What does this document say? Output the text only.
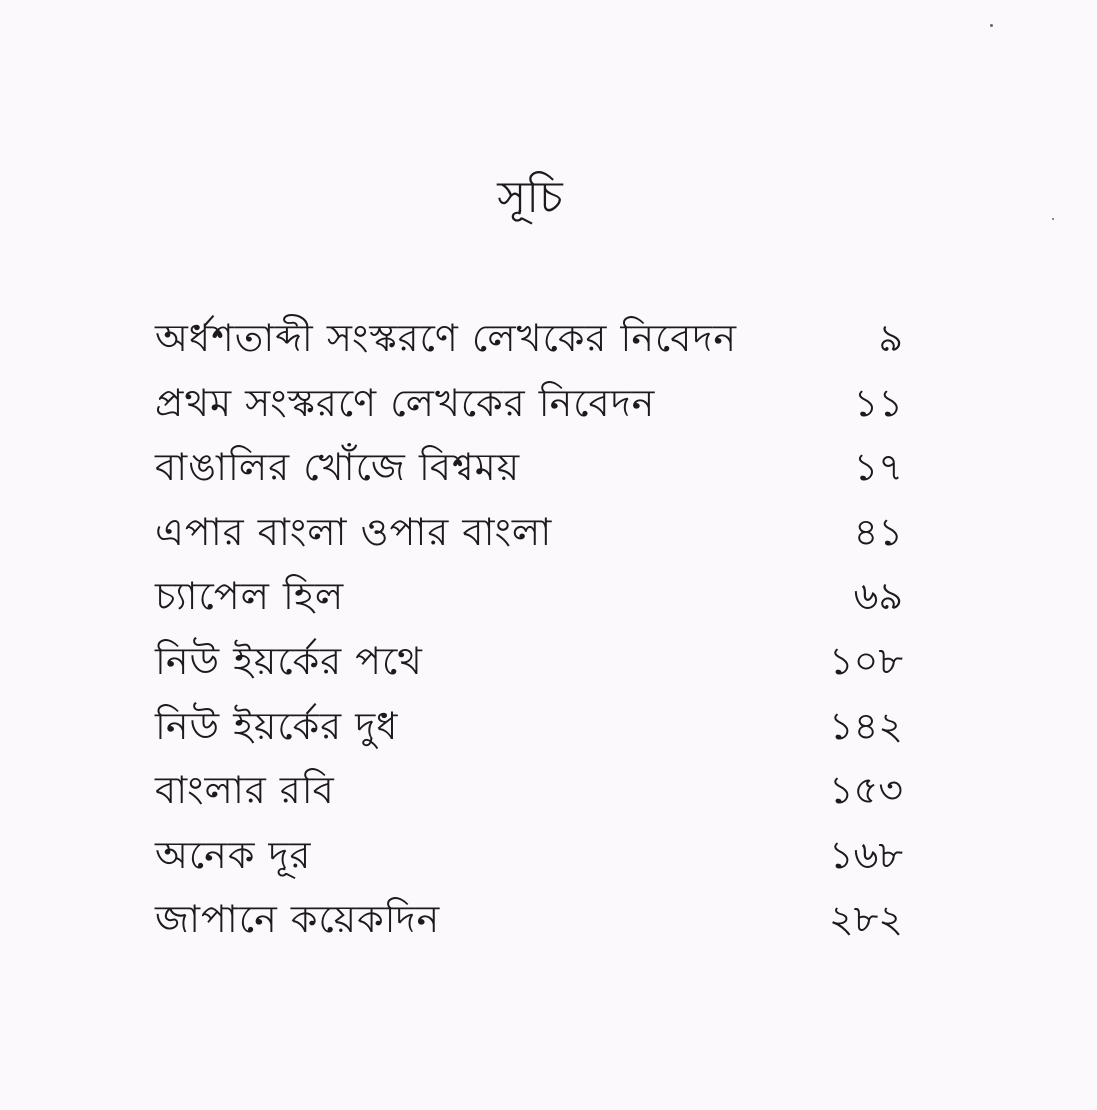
সূচি
অর্ধশতাব্দী সংস্করণে লেখকের নিবেদন	৯
প্রথম সংস্করণে লেখকের নিবেদন	১১
বাঙালির খোঁজে বিশ্বময়	১৭
এপার বাংলা ওপার বাংলা	৪১
চ্যাপেল হিল	৬৯
নিউ ইয়র্কের পথে	১০৮
নিউ ইয়র্কের দুধ	১৪২
বাংলার রবি	১৫৩
অনেক দূর	১৬৮
জাপানে কয়েকদিন	২৮২
